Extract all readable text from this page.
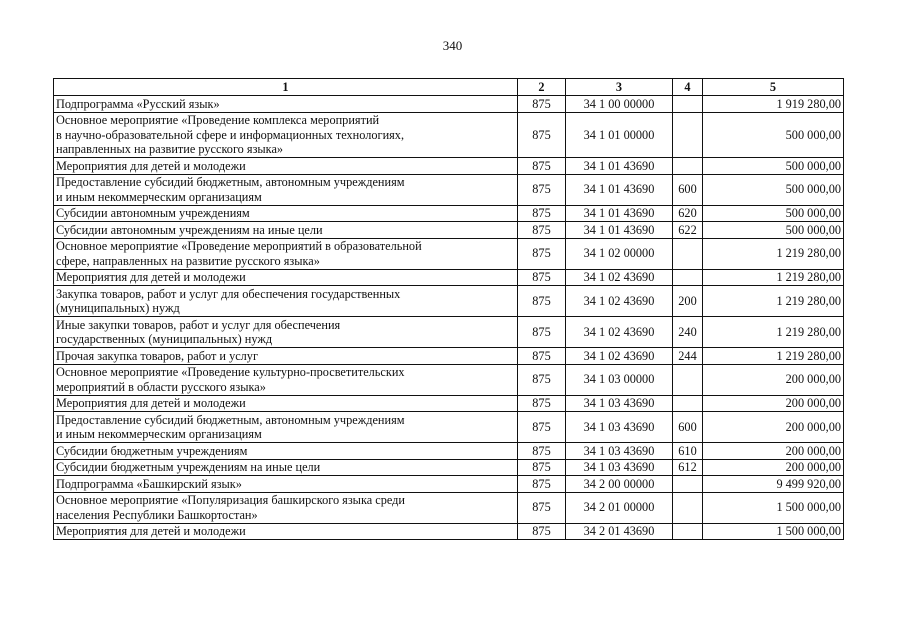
340
1	2	3	4	5
Подпрограмма «Русский язык»	875	34 1 00 00000		1 919 280,00
Основное мероприятие «Проведение комплекса мероприятий
в научно-образовательной сфере и информационных технологиях,
направленных на развитие русского языка»	875	34 1 01 00000		500 000,00
Мероприятия для детей и молодежи	875	34 1 01 43690		500 000,00
Предоставление субсидий бюджетным, автономным учреждениям
и иным некоммерческим организациям	875	34 1 01 43690	600	500 000,00
Субсидии автономным учреждениям	875	34 1 01 43690	620	500 000,00
Субсидии автономным учреждениям на иные цели	875	34 1 01 43690	622	500 000,00
Основное мероприятие «Проведение мероприятий в образовательной
сфере, направленных на развитие русского языка»	875	34 1 02 00000		1 219 280,00
Мероприятия для детей и молодежи	875	34 1 02 43690		1 219 280,00
Закупка товаров, работ и услуг для обеспечения государственных
(муниципальных) нужд	875	34 1 02 43690	200	1 219 280,00
Иные закупки товаров, работ и услуг для обеспечения
государственных (муниципальных) нужд	875	34 1 02 43690	240	1 219 280,00
Прочая закупка товаров, работ и услуг	875	34 1 02 43690	244	1 219 280,00
Основное мероприятие «Проведение культурно-просветительских
мероприятий в области русского языка»	875	34 1 03 00000		200 000,00
Мероприятия для детей и молодежи	875	34 1 03 43690		200 000,00
Предоставление субсидий бюджетным, автономным учреждениям
и иным некоммерческим организациям	875	34 1 03 43690	600	200 000,00
Субсидии бюджетным учреждениям	875	34 1 03 43690	610	200 000,00
Субсидии бюджетным учреждениям на иные цели	875	34 1 03 43690	612	200 000,00
Подпрограмма «Башкирский язык»	875	34 2 00 00000		9 499 920,00
Основное мероприятие «Популяризация башкирского языка среди
населения Республики Башкортостан»	875	34 2 01 00000		1 500 000,00
Мероприятия для детей и молодежи	875	34 2 01 43690		1 500 000,00
